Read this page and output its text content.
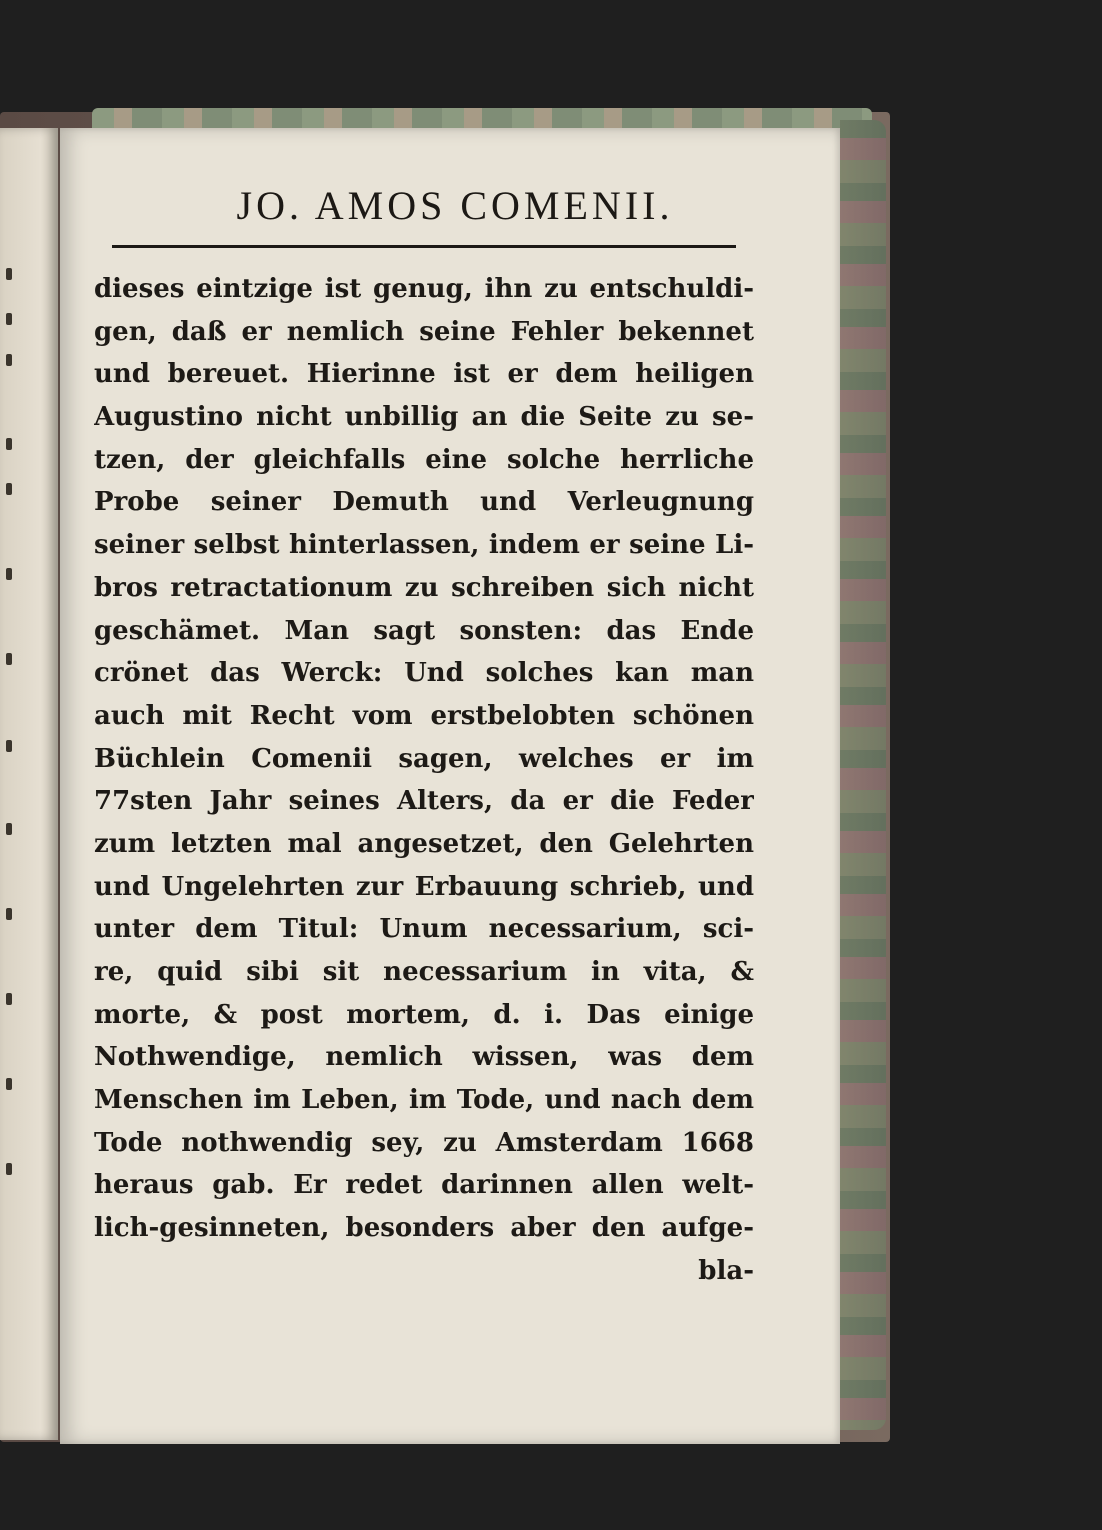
JO. AMOS COMENII.
dieses eintzige ist genug, ihn zu entschuldi-
gen, daß er nemlich seine Fehler bekennet
und bereuet. Hierinne ist er dem heiligen
Augustino nicht unbillig an die Seite zu se-
tzen, der gleichfalls eine solche herrliche
Probe seiner Demuth und Verleugnung
seiner selbst hinterlassen, indem er seine Li-
bros retractationum zu schreiben sich nicht
geschämet. Man sagt sonsten: das Ende
crönet das Werck: Und solches kan man
auch mit Recht vom erstbelobten schönen
Büchlein Comenii sagen, welches er im
77sten Jahr seines Alters, da er die Feder
zum letzten mal angesetzet, den Gelehrten
und Ungelehrten zur Erbauung schrieb, und
unter dem Titul: Unum necessarium, sci-
re, quid sibi sit necessarium in vita, &
morte, & post mortem, d. i. Das einige
Nothwendige, nemlich wissen, was dem
Menschen im Leben, im Tode, und nach dem
Tode nothwendig sey, zu Amsterdam 1668
heraus gab. Er redet darinnen allen welt-
lich-gesinneten, besonders aber den aufge-
bla-
